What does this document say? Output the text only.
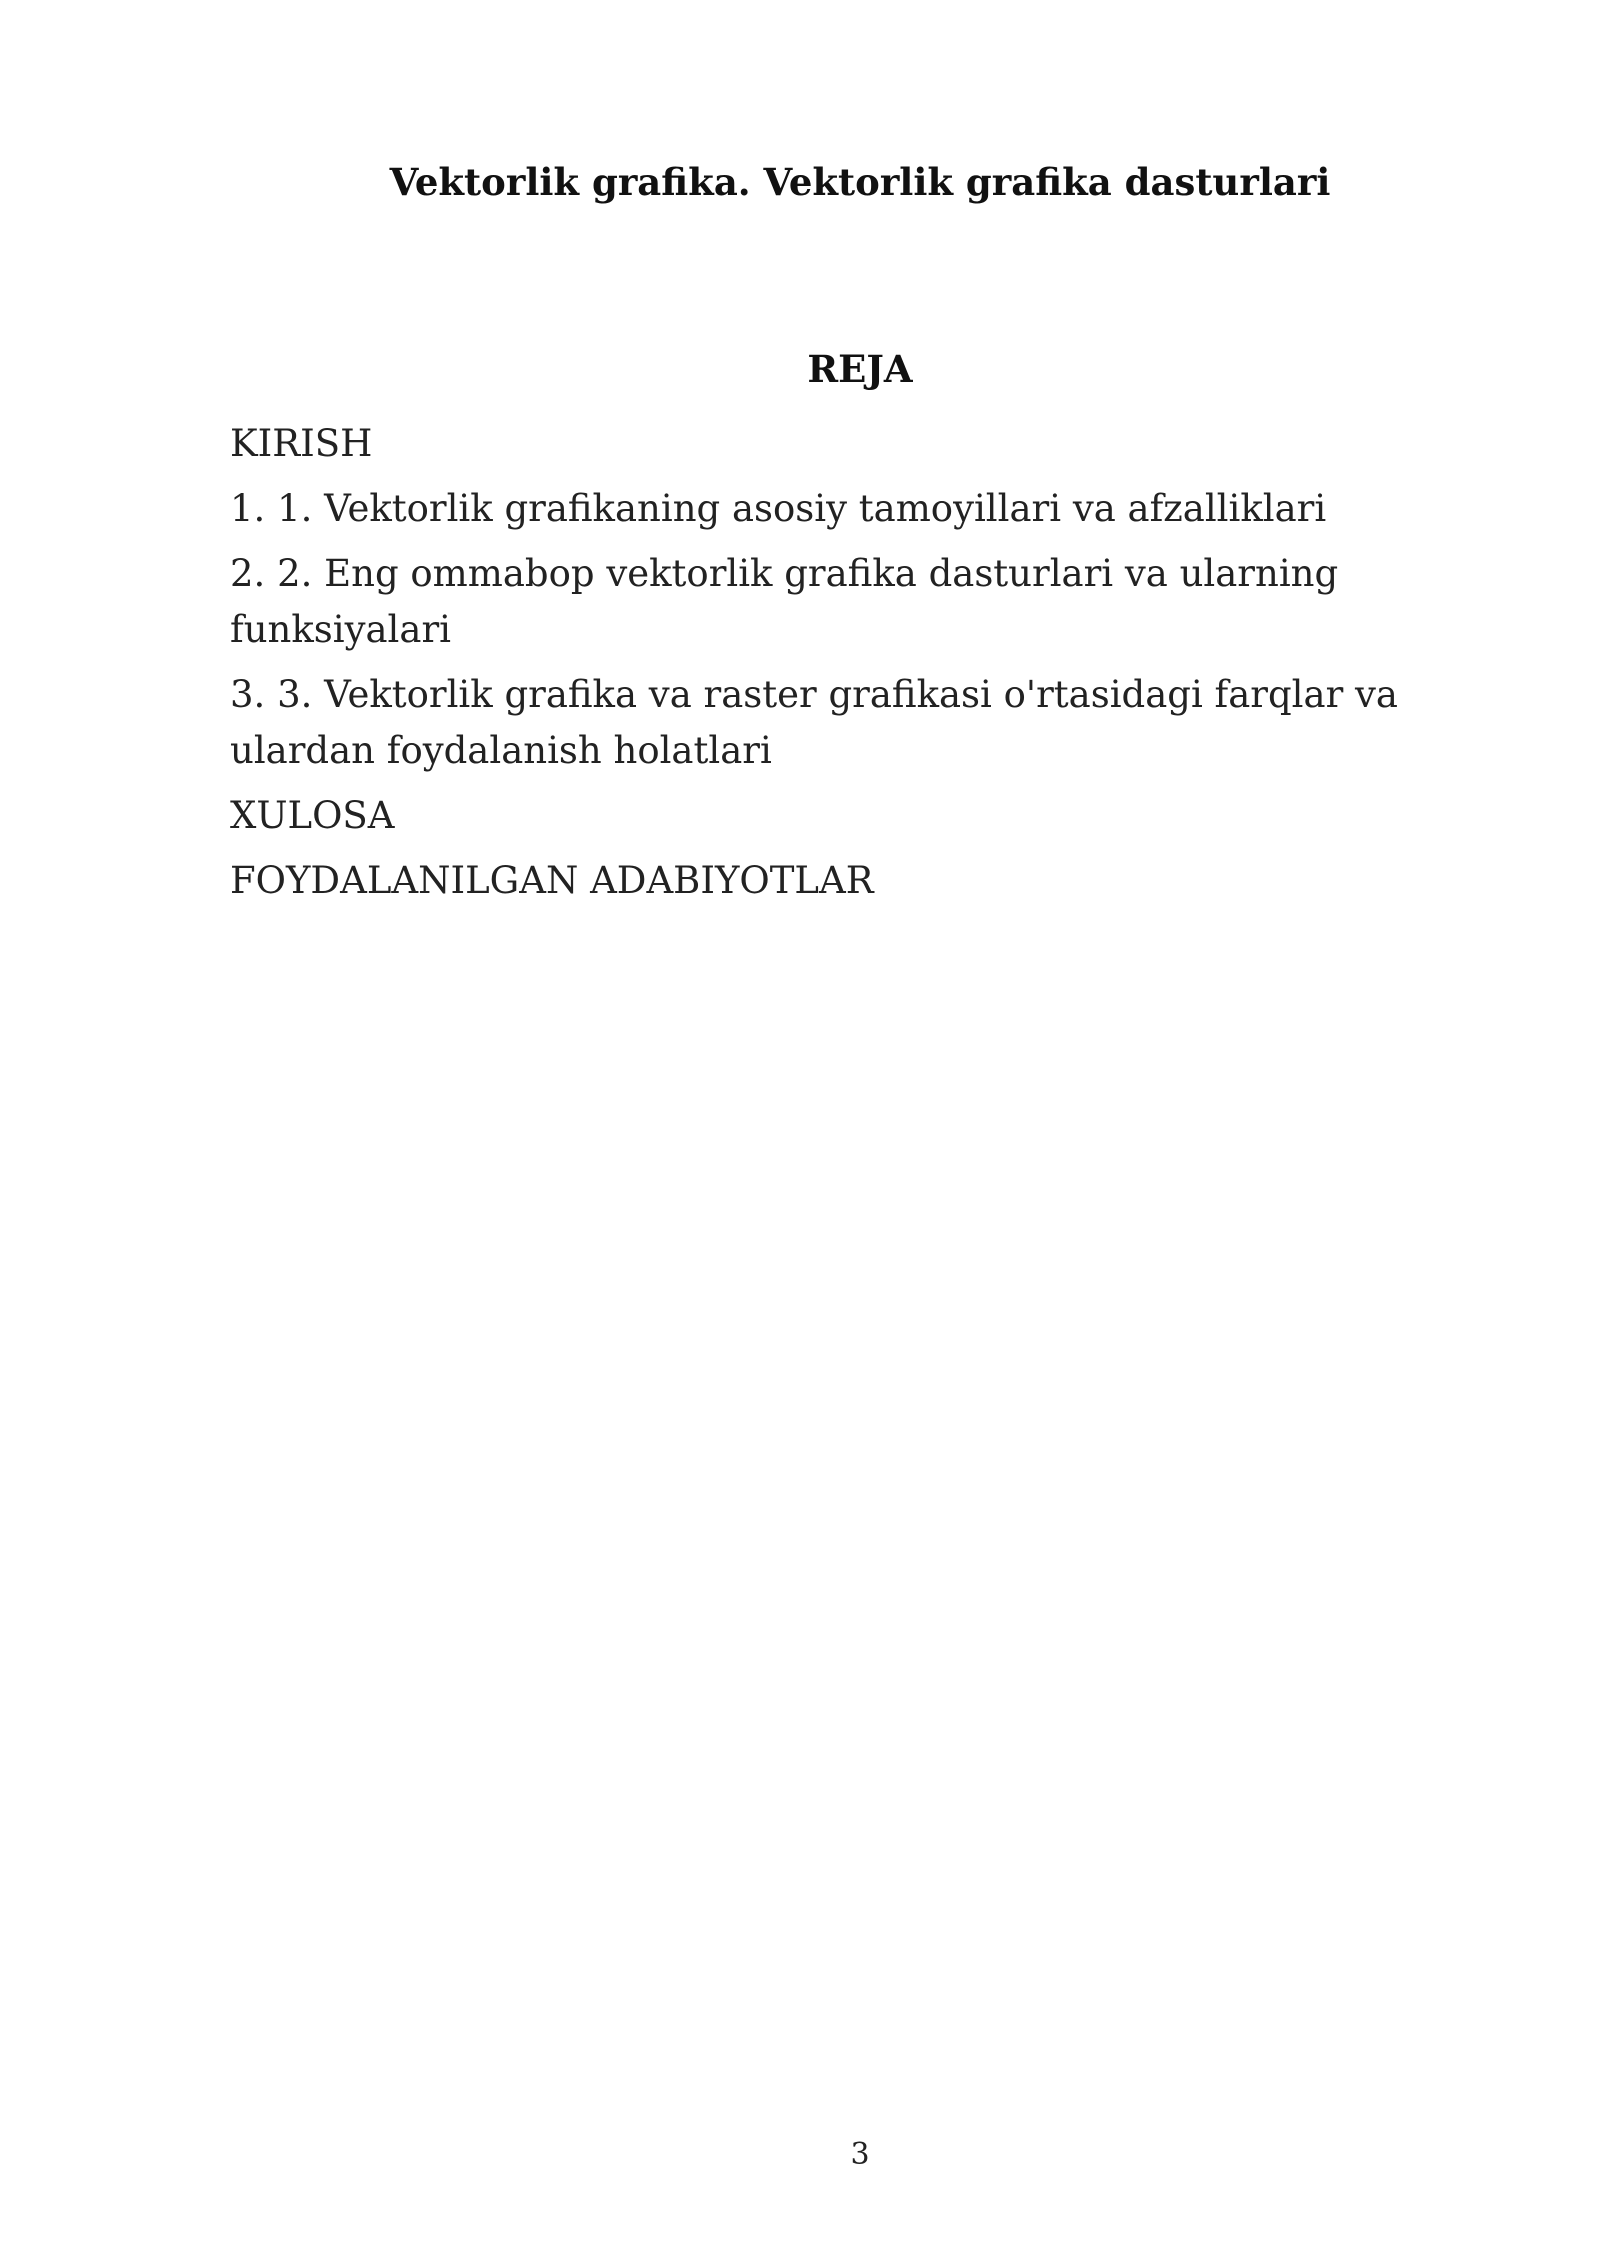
Vektorlik grafika. Vektorlik grafika dasturlari
REJA
KIRISH
1. 1. Vektorlik grafikaning asosiy tamoyillari va afzalliklari
2. 2. Eng ommabop vektorlik grafika dasturlari va ularning funksiyalari
3. 3. Vektorlik grafika va raster grafikasi o'rtasidagi farqlar va ulardan foydalanish holatlari
XULOSA
FOYDALANILGAN ADABIYOTLAR
3
